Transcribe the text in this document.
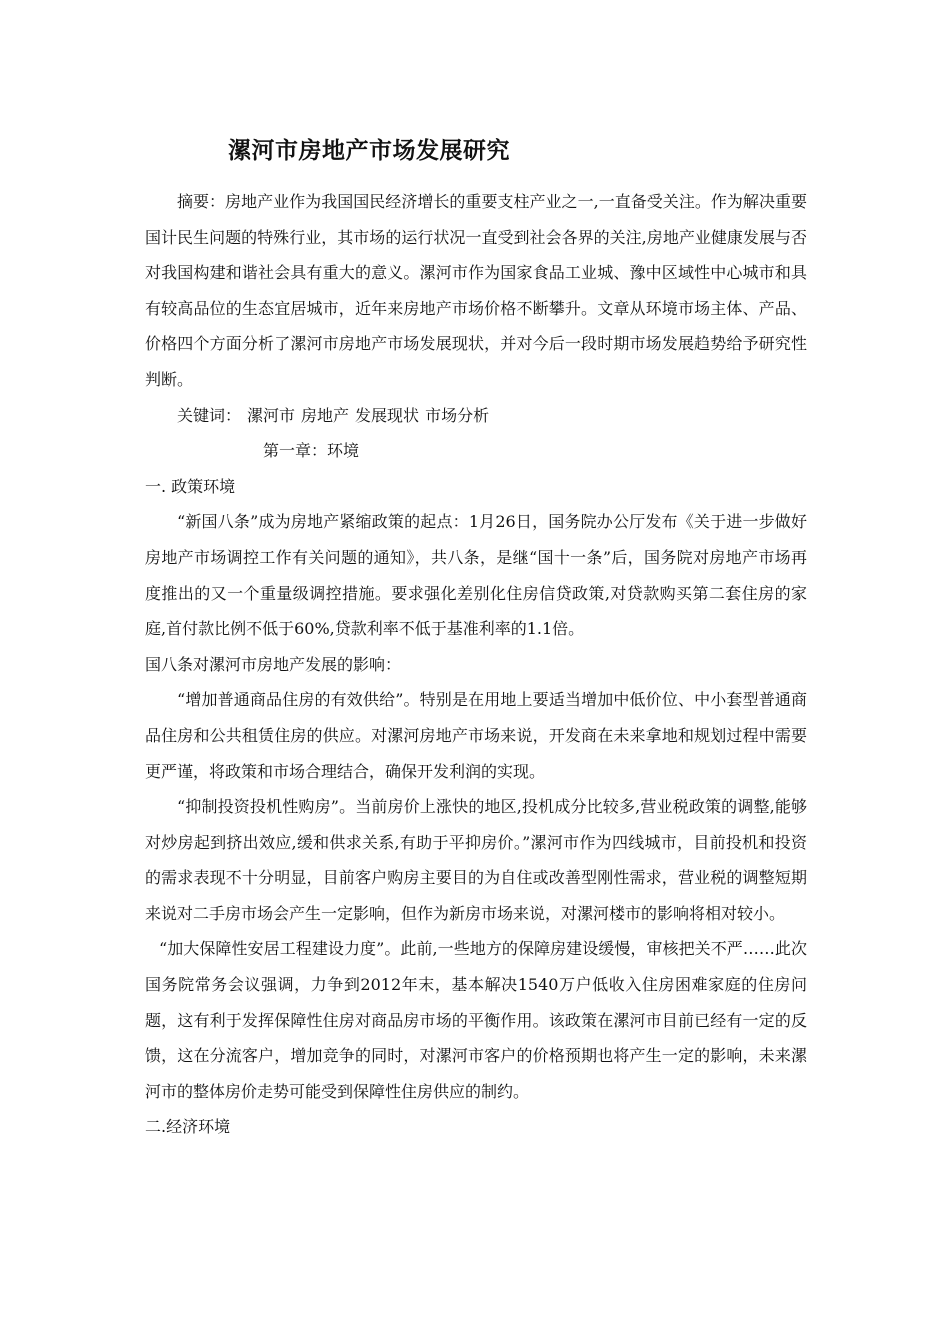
漯河市房地产市场发展研究

摘要：房地产业作为我国国民经济增长的重要支柱产业之一,一直备受关注。作为解决重要国计民生问题的特殊行业，其市场的运行状况一直受到社会各界的关注,房地产业健康发展与否对我国构建和谐社会具有重大的意义。漯河市作为国家食品工业城、豫中区域性中心城市和具有较高品位的生态宜居城市，近年来房地产市场价格不断攀升。文章从环境市场主体、产品、价格四个方面分析了漯河市房地产市场发展现状，并对今后一段时期市场发展趋势给予研究性判断。

关键词： 漯河市 房地产 发展现状 市场分析

第一章：环境

一. 政策环境

“新国八条”成为房地产紧缩政策的起点：1月26日，国务院办公厅发布《关于进一步做好房地产市场调控工作有关问题的通知》，共八条，是继“国十一条”后，国务院对房地产市场再度推出的又一个重量级调控措施。要求强化差别化住房信贷政策,对贷款购买第二套住房的家庭,首付款比例不低于60%,贷款利率不低于基准利率的1.1倍。

国八条对漯河市房地产发展的影响：

“增加普通商品住房的有效供给”。特别是在用地上要适当增加中低价位、中小套型普通商品住房和公共租赁住房的供应。对漯河房地产市场来说，开发商在未来拿地和规划过程中需要更严谨，将政策和市场合理结合，确保开发利润的实现。

“抑制投资投机性购房”。当前房价上涨快的地区,投机成分比较多,营业税政策的调整,能够对炒房起到挤出效应,缓和供求关系,有助于平抑房价。”漯河市作为四线城市，目前投机和投资的需求表现不十分明显，目前客户购房主要目的为自住或改善型刚性需求，营业税的调整短期来说对二手房市场会产生一定影响，但作为新房市场来说，对漯河楼市的影响将相对较小。

“加大保障性安居工程建设力度”。此前,一些地方的保障房建设缓慢，审核把关不严……此次国务院常务会议强调，力争到2012年末，基本解决1540万户低收入住房困难家庭的住房问题，这有利于发挥保障性住房对商品房市场的平衡作用。该政策在漯河市目前已经有一定的反馈，这在分流客户，增加竞争的同时，对漯河市客户的价格预期也将产生一定的影响，未来漯河市的整体房价走势可能受到保障性住房供应的制约。

二.经济环境
